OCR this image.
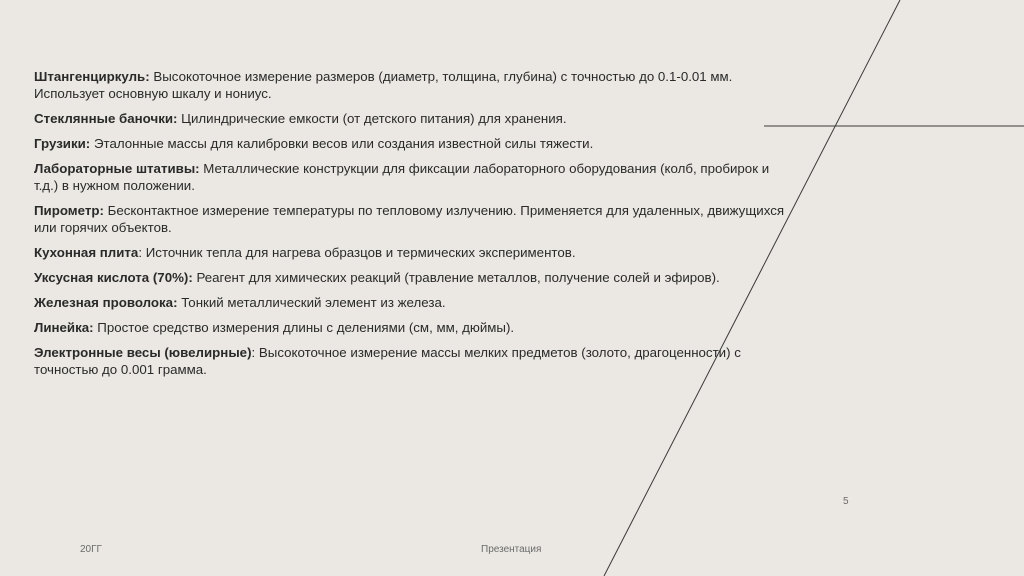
Штангенциркуль: Высокоточное измерение размеров (диаметр, толщина, глубина) с точностью до 0.1-0.01 мм. Использует основную шкалу и нониус.

Стеклянные баночки: Цилиндрические емкости (от детского питания) для хранения.

Грузики: Эталонные массы для калибровки весов или создания известной силы тяжести.

Лабораторные штативы: Металлические конструкции для фиксации лабораторного оборудования (колб, пробирок и т.д.) в нужном положении.

Пирометр: Бесконтактное измерение температуры по тепловому излучению. Применяется для удаленных, движущихся или горячих объектов.

Кухонная плита: Источник тепла для нагрева образцов и термических экспериментов.

Уксусная кислота (70%): Реагент для химических реакций (травление металлов, получение солей и эфиров).

Железная проволока: Тонкий металлический элемент из железа.

Линейка: Простое средство измерения длины с делениями (см, мм, дюймы).

Электронные весы (ювелирные): Высокоточное измерение массы мелких предметов (золото, драгоценности) с точностью до 0.001 грамма.

5
20ГГ	Презентация
